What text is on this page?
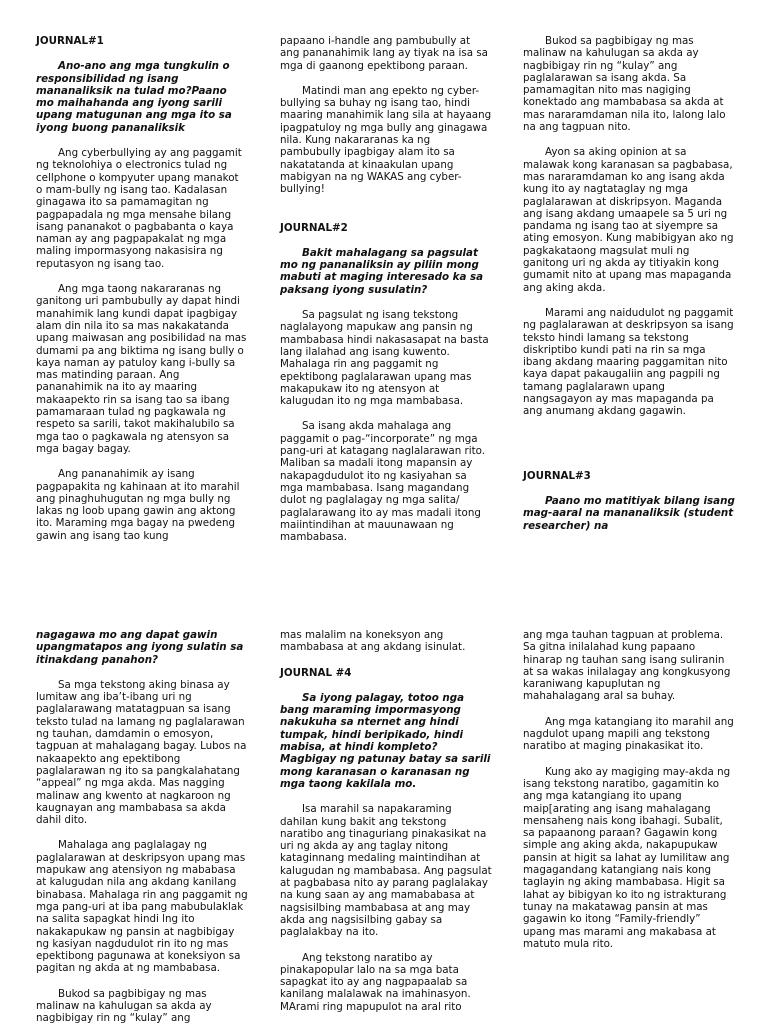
JOURNAL#1

Ano-ano ang mga tungkulin o responsibilidad ng isang mananaliksik na tulad mo?Paano mo maihahanda ang iyong sarili upang matugunan ang mga ito sa iyong buong pananaliksik

Ang cyberbullying ay ang paggamit ng teknolohiya o electronics tulad ng cellphone o kompyuter upang manakot o mam-bully ng isang tao. Kadalasan ginagawa ito sa pamamagitan ng pagpapadala ng mga mensahe bilang isang pananakot o pagbabanta o kaya naman ay ang pagpapakalat ng mga maling impormasyong nakasisira ng reputasyon ng isang tao.

Ang mga taong nakararanas ng ganitong uri pambubully ay dapat hindi manahimik lang kundi dapat ipagbigay alam din nila ito sa mas nakakatanda upang maiwasan ang posibilidad na mas dumami pa ang biktima ng isang bully o kaya naman ay patuloy kang i-bully sa mas matinding paraan. Ang pananahimik na ito ay maaring makaapekto rin sa isang tao sa ibang pamamaraan tulad ng pagkawala ng respeto sa sarili, takot makihalubilo sa mga tao o pagkawala ng atensyon sa mga bagay bagay.

Ang pananahimik ay isang pagpapakita ng kahinaan at ito marahil ang pinaghuhugutan ng mga bully ng lakas ng loob upang gawin ang aktong ito. Maraming mga bagay na pwedeng gawin ang isang tao kung

papaano i-handle ang pambubully at ang pananahimik lang ay tiyak na isa sa mga di gaanong epektibong paraan.

Matindi man ang epekto ng cyber-bullying sa buhay ng isang tao, hindi maaring manahimik lang sila at hayaang ipagpatuloy ng mga bully ang ginagawa nila. Kung nakararanas ka ng pambubully ipagbigay alam ito sa nakatatanda at kinaakulan upang mabigyan na ng WAKAS ang cyber-bullying!

JOURNAL#2

Bakit mahalagang sa pagsulat mo ng pananaliksin ay piliin mong mabuti at maging interesado ka sa paksang iyong susulatin?

Sa pagsulat ng isang tekstong naglalayong mapukaw ang pansin ng mambabasa hindi nakasasapat na basta lang ilalahad ang isang kuwento. Mahalaga rin ang paggamit ng epektibong paglalarawan upang mas makapukaw ito ng atensyon at kalugudan ito ng mga mambabasa.

Sa isang akda mahalaga ang paggamit o pag-“incorporate” ng mga pang-uri at katagang naglalarawan rito. Maliban sa madali itong mapansin ay nakapagdudulot ito ng kasiyahan sa mga mambabasa. Isang magandang dulot ng paglalagay ng mga salita/ paglalarawang ito ay mas madali itong maiintindihan at mauunawaan ng mambabasa.

Bukod sa pagbibigay ng mas malinaw na kahulugan sa akda ay nagbibigay rin ng “kulay” ang paglalarawan sa isang akda. Sa pamamagitan nito mas nagiging konektado ang mambabasa sa akda at mas nararamdaman nila ito, lalong lalo na ang tagpuan nito.

Ayon sa aking opinion at sa malawak kong karanasan sa pagbabasa, mas nararamdaman ko ang isang akda kung ito ay nagtataglay ng mga paglalarawan at diskripsyon. Maganda ang isang akdang umaapele sa 5 uri ng pandama ng isang tao at siyempre sa ating emosyon. Kung mabibigyan ako ng pagkakataong magsulat muli ng ganitong uri ng akda ay titiyakin kong gumamit nito at upang mas mapaganda ang aking akda.

Marami ang naidudulot ng paggamit ng paglalarawan at deskripsyon sa isang teksto hindi lamang sa tekstong diskriptibo kundi pati na rin sa mga ibang akdang maaring paggamitan nito kaya dapat pakaugaliin ang pagpili ng tamang paglalarawn upang nangsagayon ay mas mapaganda pa ang anumang akdang gagawin.

JOURNAL#3

Paano mo matitiyak bilang isang mag-aaral na mananaliksik (student researcher) na

nagagawa mo ang dapat gawin upangmatapos ang iyong sulatin sa itinakdang panahon?

Sa mga tekstong aking binasa ay lumitaw ang iba’t-ibang uri ng paglalarawang matatagpuan sa isang teksto tulad na lamang ng paglalarawan ng tauhan, damdamin o emosyon, tagpuan at mahalagang bagay. Lubos na nakaapekto ang epektibong paglalarawan ng ito sa pangkalahatang “appeal” ng mga akda. Mas nagging malinaw ang kwento at nagkaroon ng kaugnayan ang mambabasa sa akda dahil dito.

Mahalaga ang paglalagay ng paglalarawan at deskripsyon upang mas mapukaw ang atensiyon ng mababasa at kalugudan nila ang akdang kanilang binabasa. Mahalaga rin ang paggamit ng mga pang-uri at iba pang mabubulaklak na salita sapagkat hindi lng ito nakakapukaw ng pansin at nagbibigay ng kasiyan nagdudulot rin ito ng mas epektibong pagunawa at koneksiyon sa pagitan ng akda at ng mambabasa.

Bukod sa pagbibigay ng mas malinaw na kahulugan sa akda ay nagbibigay rin ng “kulay” ang

mas malalim na koneksyon ang mambabasa at ang akdang isinulat.

JOURNAL #4

Sa iyong palagay, totoo nga bang maraming impormasyong nakukuha sa nternet ang hindi tumpak, hindi beripikado, hindi mabisa, at hindi kompleto? Magbigay ng patunay batay sa sarili mong karanasan o karanasan ng mga taong kakilala mo.

Isa marahil sa napakaraming dahilan kung bakit ang tekstong naratibo ang tinaguriang pinakasikat na uri ng akda ay ang taglay nitong kataginnang medaling maintindihan at kalugudan ng mambabasa. Ang pagsulat at pagbabasa nito ay parang paglalakay na kung saan ay ang mamababasa at nagsisilbing mambabasa at ang may akda ang nagsisilbing gabay sa paglalakbay na ito.

Ang tekstong naratibo ay pinakapopular lalo na sa mga bata sapagkat ito ay ang nagpapaalab sa kanilang malalawak na imahinasyon. MArami ring mapupulot na aral rito

ang mga tauhan tagpuan at problema. Sa gitna inilalahad kung papaano hinarap ng tauhan sang isang suliranin at sa wakas inilalagay ang kongkusyong karaniwang kapuplutan ng mahahalagang aral sa buhay.

Ang mga katangiang ito marahil ang nagdulot upang mapili ang tekstong naratibo at maging pinakasikat ito.

Kung ako ay magiging may-akda ng isang tekstong naratibo, gagamitin ko ang mga katangiang ito upang maip[arating ang isang mahalagang mensaheng nais kong ibahagi. Subalit, sa papaanong paraan? Gagawin kong simple ang aking akda, nakapupukaw pansin at higit sa lahat ay lumilitaw ang magagandang katangiang nais kong taglayin ng aking mambabasa. Higit sa lahat ay bibigyan ko ito ng istrakturang tunay na makatawag pansin at mas gagawin ko itong “Family-friendly” upang mas marami ang makabasa at matuto mula rito.
